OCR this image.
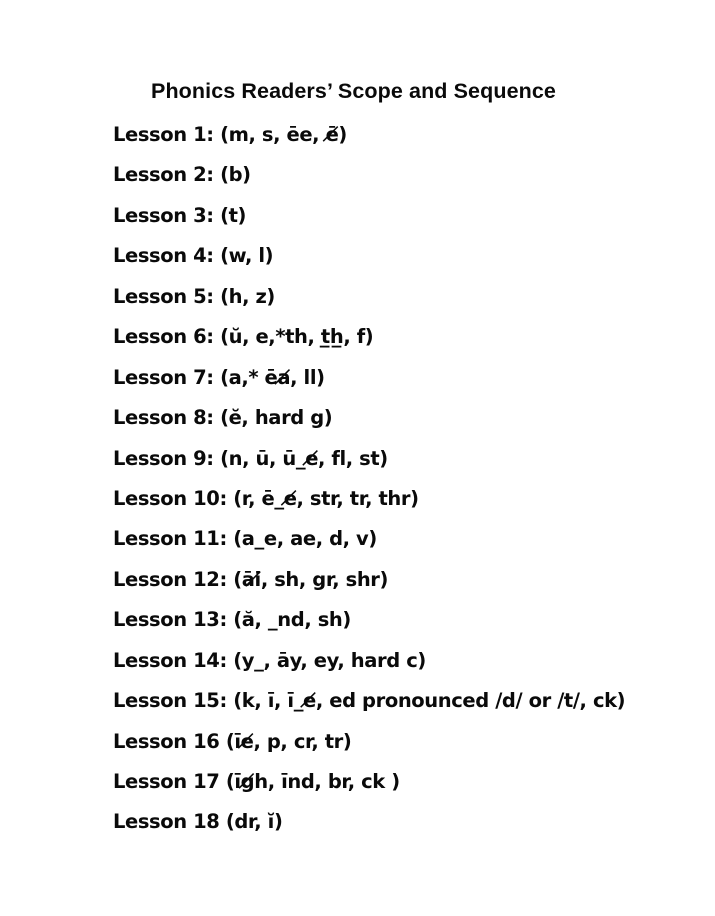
Phonics Readers’ Scope and Sequence
Lesson 1: (m, s, ēe, ē̸)
Lesson 2: (b)
Lesson 3: (t)
Lesson 4: (w, l)
Lesson 5: (h, z)
Lesson 6: (ŭ, e,*th, t̲h̲, f)
Lesson 7: (a,* ēa̸, ll)
Lesson 8: (ĕ, hard g)
Lesson 9: (n, ū, ū_e̸, fl, st)
Lesson 10: (r, ē_e̸, str, tr, thr)
Lesson 11: (a_e, ae, d, v)
Lesson 12: (āi̸, sh, gr, shr)
Lesson 13: (ă, _nd, sh)
Lesson 14: (y_, āy, ey, hard c)
Lesson 15: (k, ī, ī_e̸, ed pronounced /d/ or /t/, ck)
Lesson 16 (īe̸, p, cr, tr)
Lesson 17 (īg̸h, īnd, br, ck )
Lesson 18 (dr, ĭ)
